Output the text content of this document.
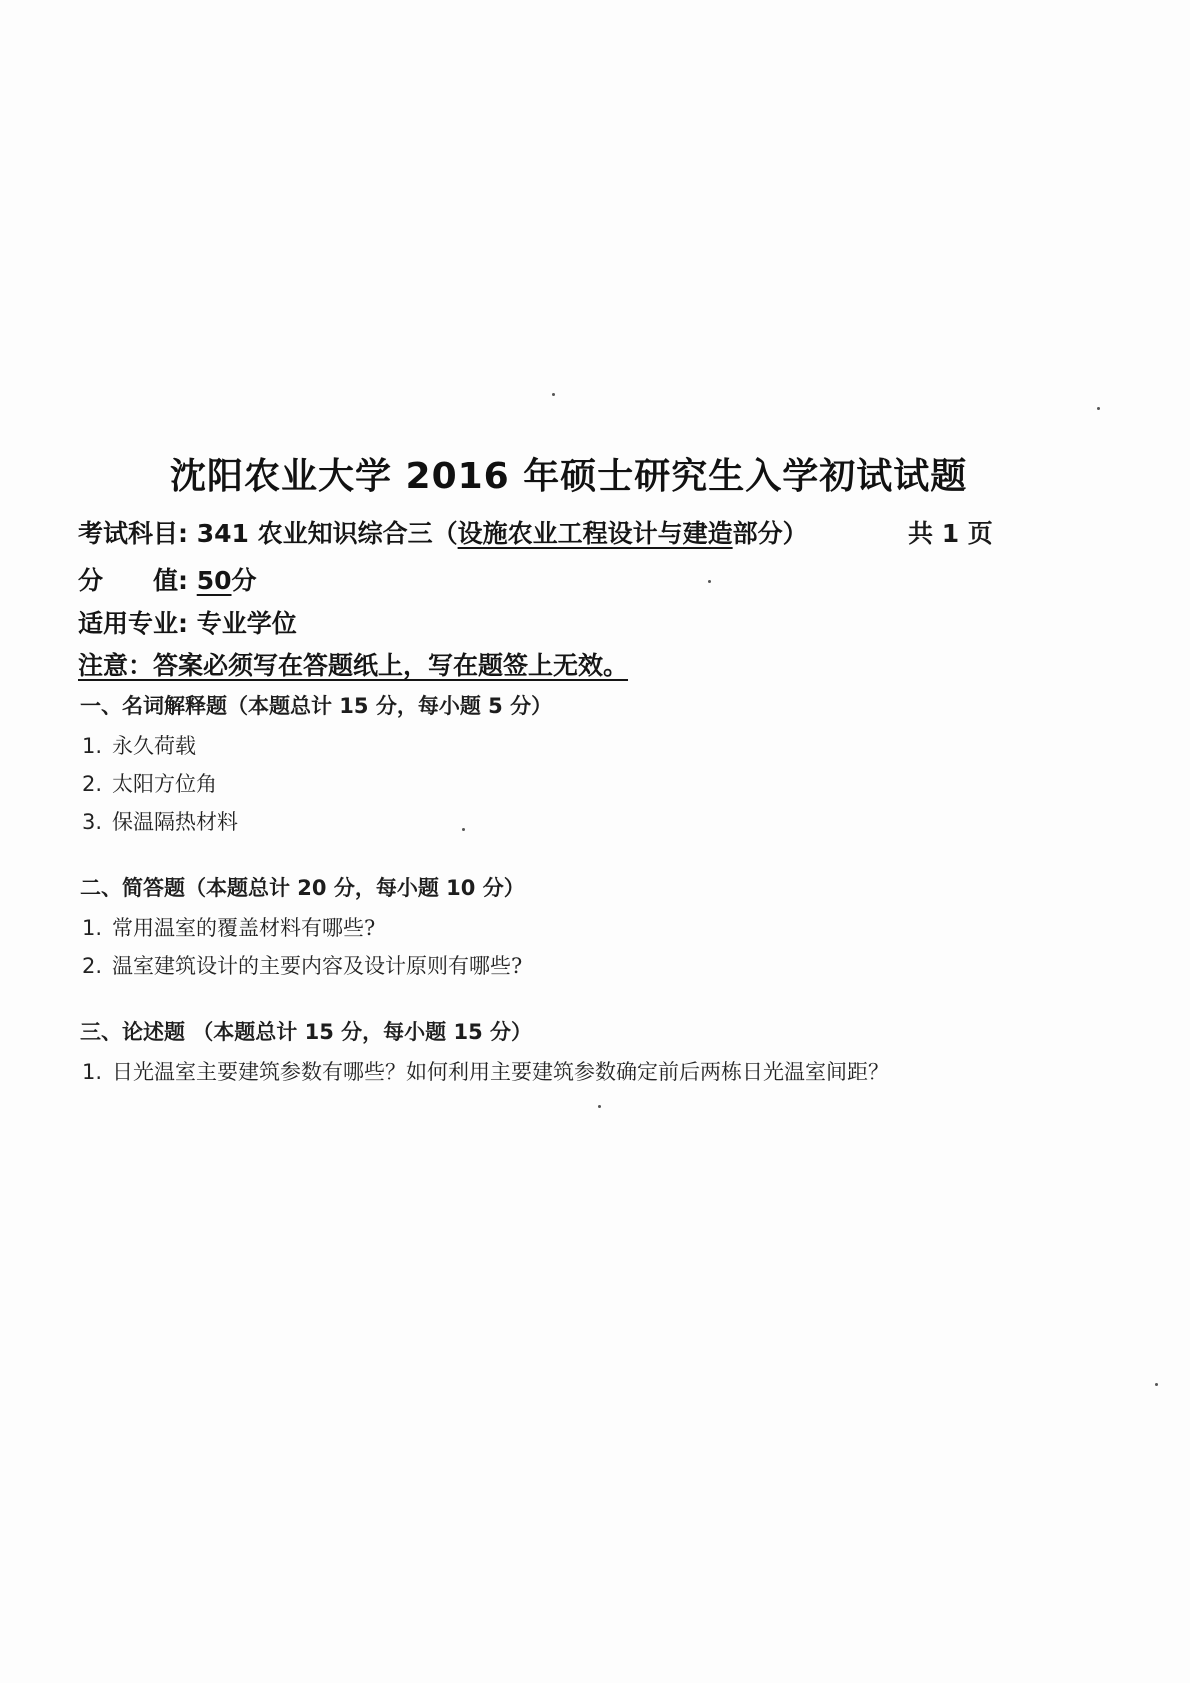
沈阳农业大学 2016 年硕士研究生入学初试试题
考试科目: 341 农业知识综合三（设施农业工程设计与建造部分）	共 1 页
分　　值: 50分
适用专业: 专业学位
注意：答案必须写在答题纸上，写在题签上无效。
一、名词解释题（本题总计 15 分，每小题 5 分）
1. 永久荷载
2. 太阳方位角
3. 保温隔热材料
二、简答题（本题总计 20 分，每小题 10 分）
1. 常用温室的覆盖材料有哪些?
2. 温室建筑设计的主要内容及设计原则有哪些?
三、论述题 （本题总计 15 分，每小题 15 分）
1. 日光温室主要建筑参数有哪些？如何利用主要建筑参数确定前后两栋日光温室间距？
